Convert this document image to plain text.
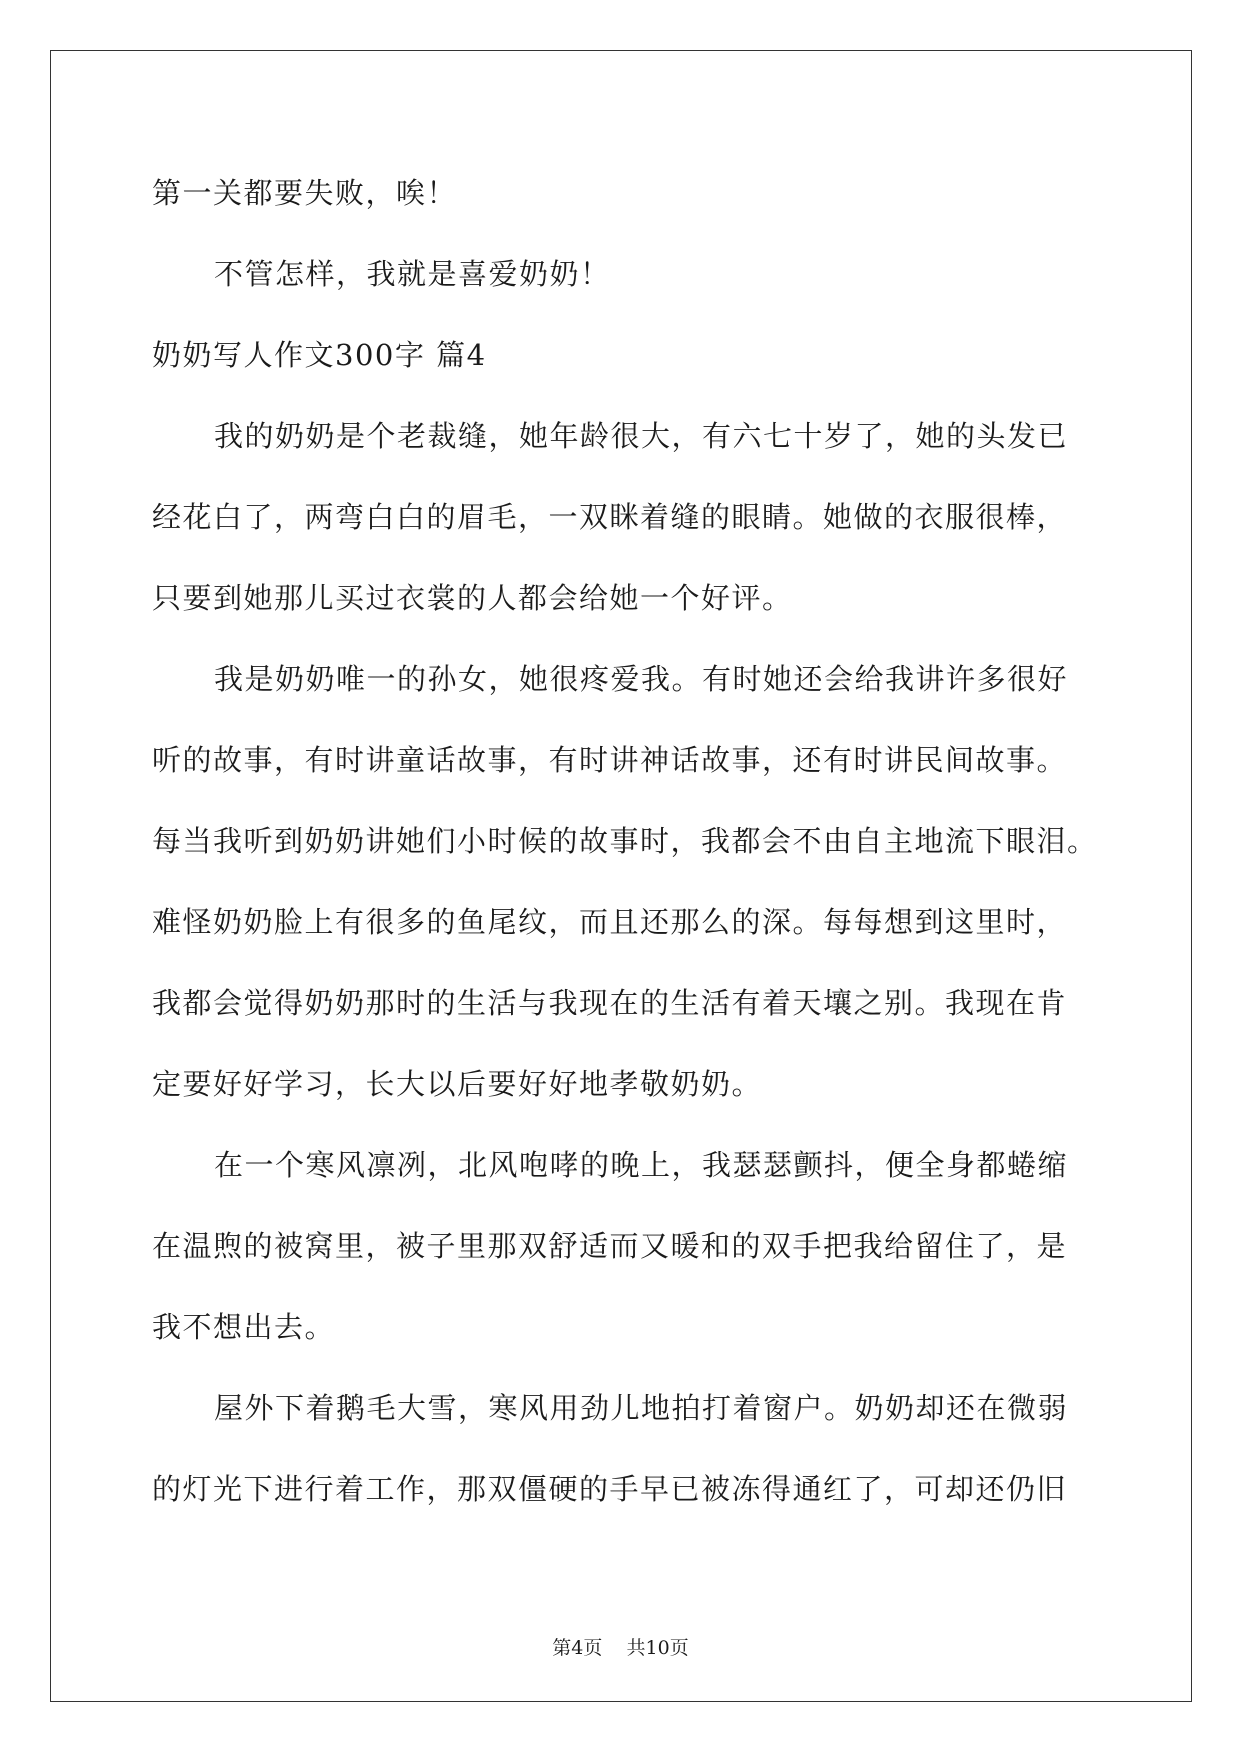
第一关都要失败，唉！
不管怎样，我就是喜爱奶奶！
奶奶写人作文300字 篇4
我的奶奶是个老裁缝，她年龄很大，有六七十岁了，她的头发已
经花白了，两弯白白的眉毛，一双眯着缝的眼睛。她做的衣服很棒，
只要到她那儿买过衣裳的人都会给她一个好评。
我是奶奶唯一的孙女，她很疼爱我。有时她还会给我讲许多很好
听的故事，有时讲童话故事，有时讲神话故事，还有时讲民间故事。
每当我听到奶奶讲她们小时候的故事时，我都会不由自主地流下眼泪。
难怪奶奶脸上有很多的鱼尾纹，而且还那么的深。每每想到这里时，
我都会觉得奶奶那时的生活与我现在的生活有着天壤之别。我现在肯
定要好好学习，长大以后要好好地孝敬奶奶。
在一个寒风凛冽，北风咆哮的晚上，我瑟瑟颤抖，便全身都蜷缩
在温煦的被窝里，被子里那双舒适而又暖和的双手把我给留住了，是
我不想出去。
屋外下着鹅毛大雪，寒风用劲儿地拍打着窗户。奶奶却还在微弱
的灯光下进行着工作，那双僵硬的手早已被冻得通红了，可却还仍旧
第4页    共10页
